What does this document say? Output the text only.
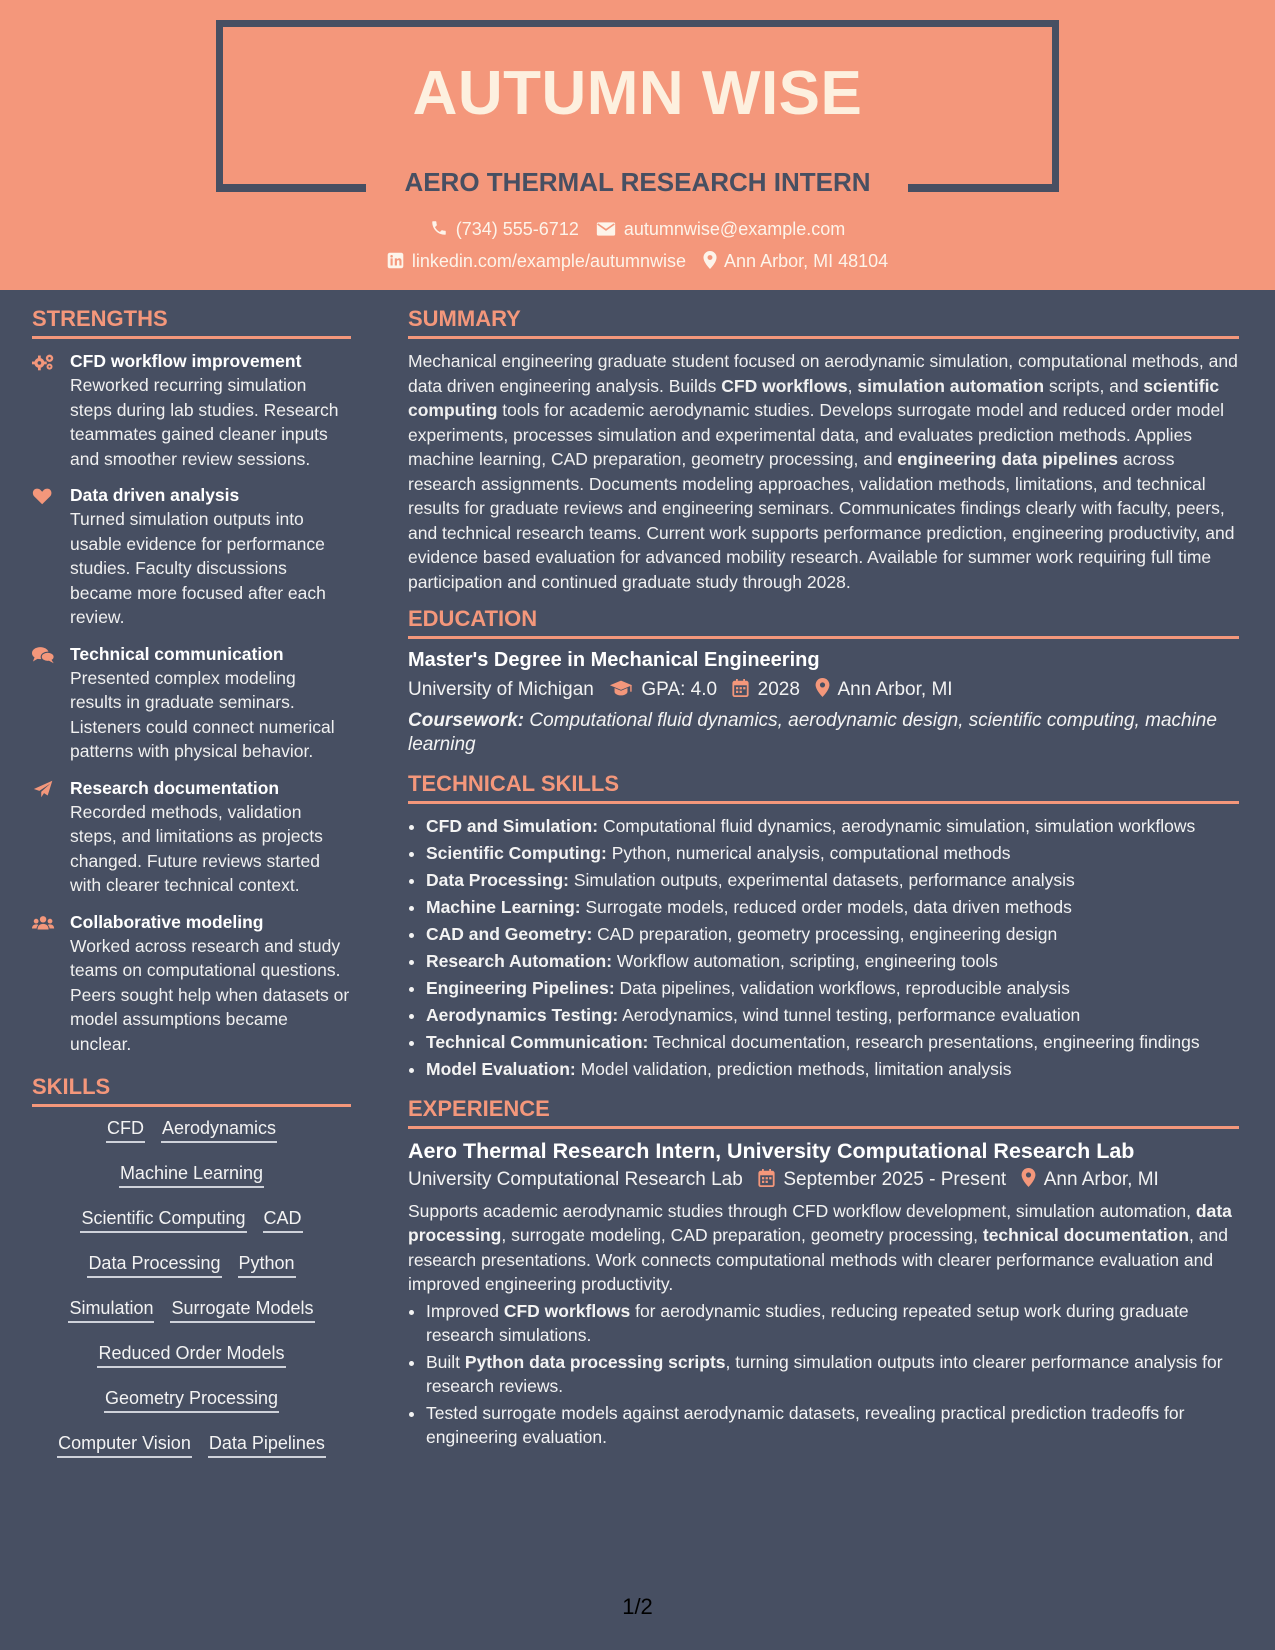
AUTUMN WISE
AERO THERMAL RESEARCH INTERN
(734) 555-6712	autumnwise@example.com
linkedin.com/example/autumnwise Ann Arbor, MI 48104
STRENGTHS
CFD workflow improvement
Reworked recurring simulation steps during lab studies. Research teammates gained cleaner inputs and smoother review sessions.
Data driven analysis
Turned simulation outputs into usable evidence for performance studies. Faculty discussions became more focused after each review.
Technical communication
Presented complex modeling results in graduate seminars. Listeners could connect numerical patterns with physical behavior.
Research documentation
Recorded methods, validation steps, and limitations as projects changed. Future reviews started with clearer technical context.
Collaborative modeling
Worked across research and study teams on computational questions. Peers sought help when datasets or model assumptions became unclear.
SKILLS
CFD Aerodynamics
Machine Learning
Scientific Computing CAD
Data Processing Python
Simulation Surrogate Models
Reduced Order Models
Geometry Processing
Computer Vision Data Pipelines
SUMMARY

Mechanical engineering graduate student focused on aerodynamic simulation, computational methods, and data driven engineering analysis. Builds CFD workflows, simulation automation scripts, and scientific computing tools for academic aerodynamic studies. Develops surrogate model and reduced order model experiments, processes simulation and experimental data, and evaluates prediction methods. Applies machine learning, CAD preparation, geometry processing, and engineering data pipelines across research assignments. Documents modeling approaches, validation methods, limitations, and technical results for graduate reviews and engineering seminars. Communicates findings clearly with faculty, peers, and technical research teams. Current work supports performance prediction, engineering productivity, and evidence based evaluation for advanced mobility research. Available for summer work requiring full time participation and continued graduate study through 2028.

EDUCATION
Master's Degree in Mechanical Engineering
University of Michigan	GPA: 4.0 2028 Ann Arbor, MI
Coursework: Computational fluid dynamics, aerodynamic design, scientific computing, machine learning
TECHNICAL SKILLS
• CFD and Simulation: Computational fluid dynamics, aerodynamic simulation, simulation workflows
• Scientific Computing: Python, numerical analysis, computational methods
• Data Processing: Simulation outputs, experimental datasets, performance analysis
• Machine Learning: Surrogate models, reduced order models, data driven methods
• CAD and Geometry: CAD preparation, geometry processing, engineering design
• Research Automation: Workflow automation, scripting, engineering tools
• Engineering Pipelines: Data pipelines, validation workflows, reproducible analysis
• Aerodynamics Testing: Aerodynamics, wind tunnel testing, performance evaluation
• Technical Communication: Technical documentation, research presentations, engineering findings
• Model Evaluation: Model validation, prediction methods, limitation analysis
EXPERIENCE
Aero Thermal Research Intern, University Computational Research Lab
University Computational Research Lab September 2025 - Present Ann Arbor, MI

Supports academic aerodynamic studies through CFD workflow development, simulation automation, data processing, surrogate modeling, CAD preparation, geometry processing, technical documentation, and research presentations. Work connects computational methods with clearer performance evaluation and improved engineering productivity.

• Improved CFD workflows for aerodynamic studies, reducing repeated setup work during graduate research simulations.
• Built Python data processing scripts, turning simulation outputs into clearer performance analysis for research reviews.
• Tested surrogate models against aerodynamic datasets, revealing practical prediction tradeoffs for engineering evaluation.
1/2
